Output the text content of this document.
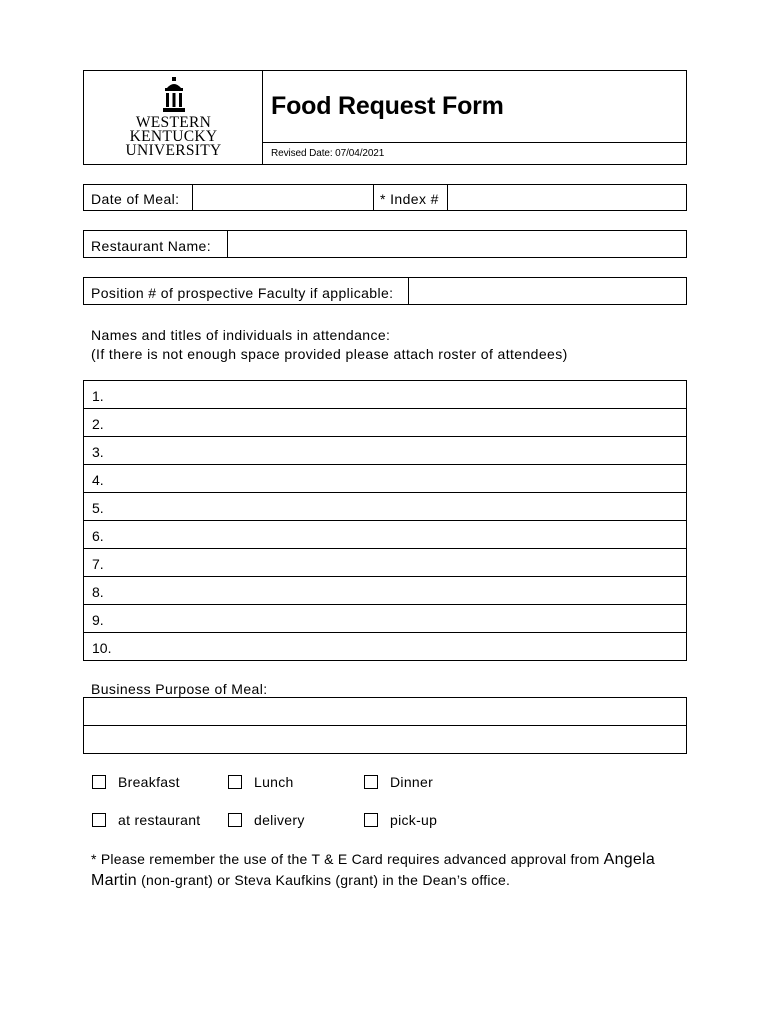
WESTERN
KENTUCKY
UNIVERSITY
Food Request Form
Revised Date: 07/04/2021
Date of Meal:	* Index #
Restaurant Name:
Position # of prospective Faculty if applicable:
Names and titles of individuals in attendance:
(If there is not enough space provided please attach roster of attendees)
1.
2.
3.
4.
5.
6.
7.
8.
9.
10.
Business Purpose of Meal:
Breakfast	Lunch	Dinner
at restaurant	delivery	pick-up
* Please remember the use of the T & E Card requires advanced approval from Angela
Martin (non-grant) or Steva Kaufkins (grant) in the Dean’s office.
